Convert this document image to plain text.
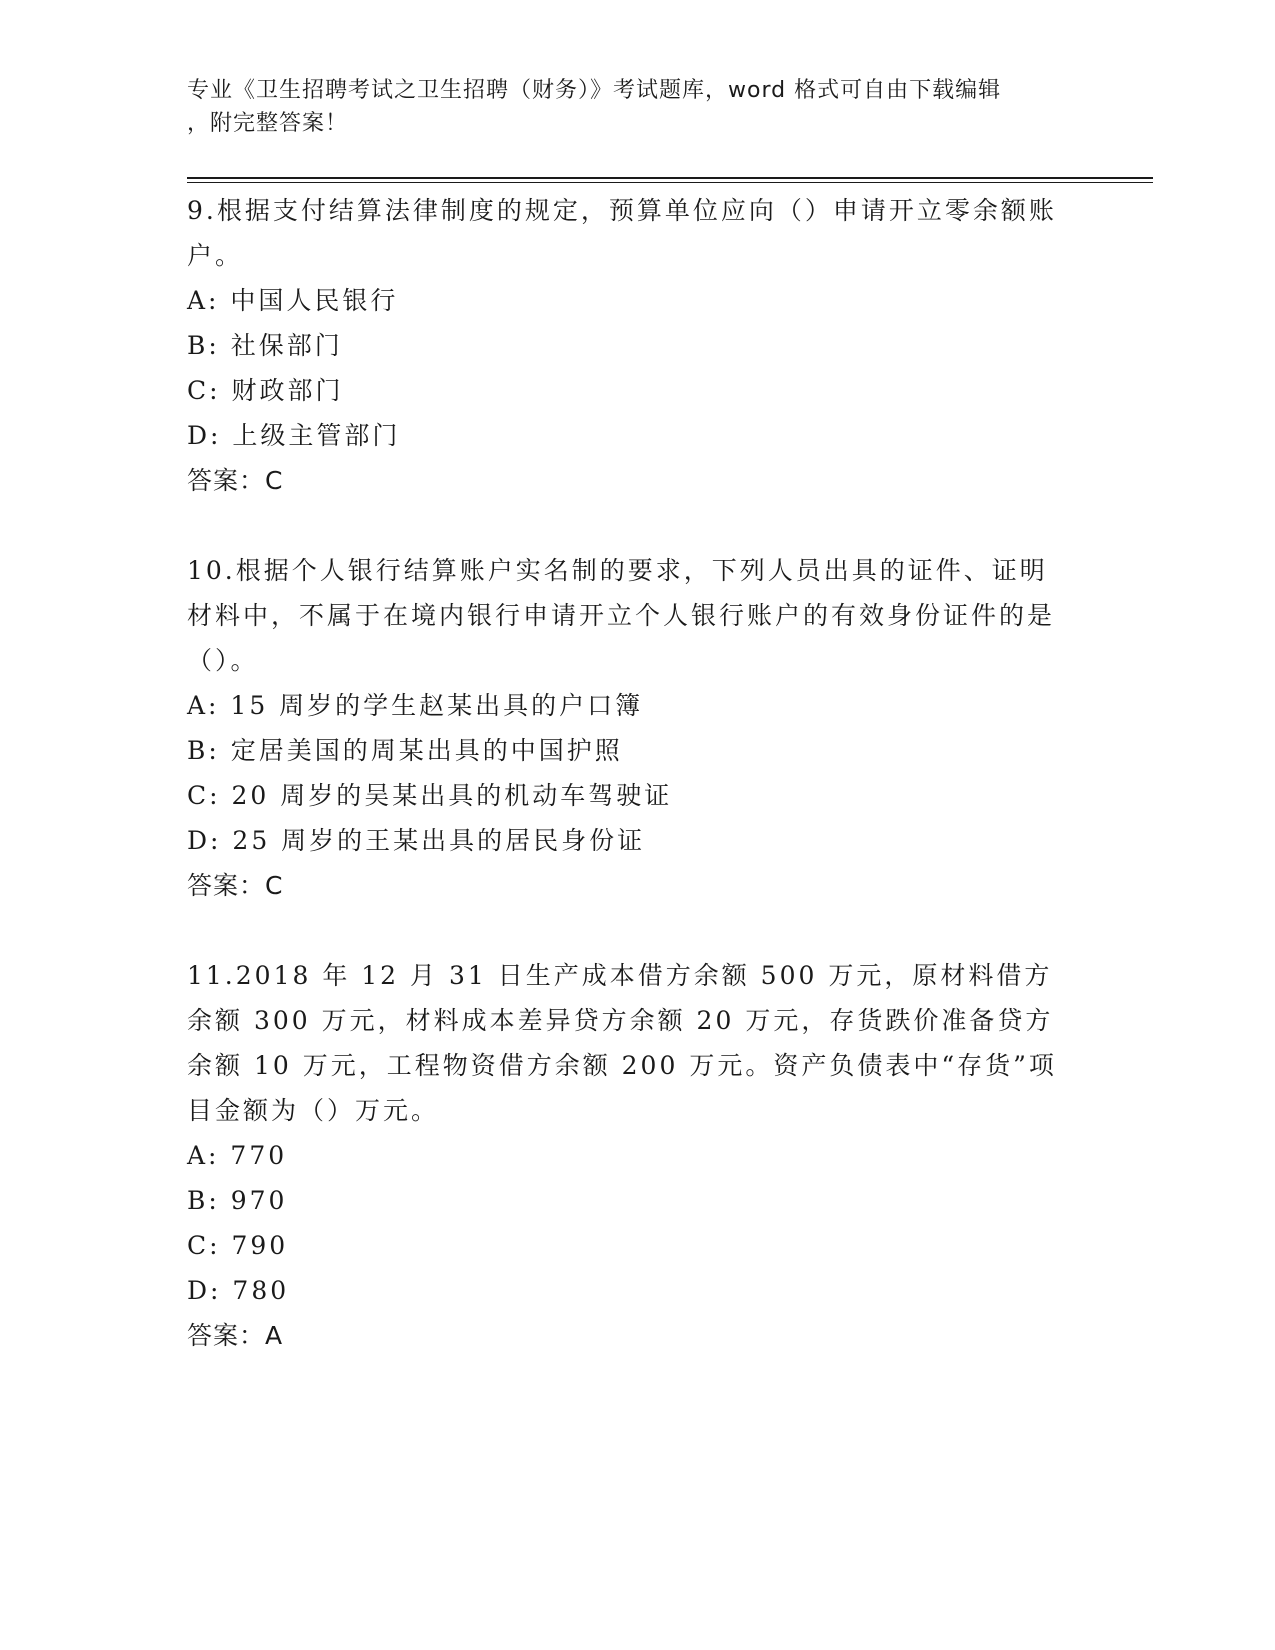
专业《卫生招聘考试之卫生招聘（财务）》考试题库，word 格式可自由下载编辑
，附完整答案！
9.根据支付结算法律制度的规定，预算单位应向（）申请开立零余额账户。
A: 中国人民银行
B: 社保部门
C: 财政部门
D: 上级主管部门
答案：C
10.根据个人银行结算账户实名制的要求，下列人员出具的证件、证明材料中，不属于在境内银行申请开立个人银行账户的有效身份证件的是（）。
A: 15 周岁的学生赵某出具的户口簿
B: 定居美国的周某出具的中国护照
C: 20 周岁的吴某出具的机动车驾驶证
D: 25 周岁的王某出具的居民身份证
答案：C
11.2018 年 12 月 31 日生产成本借方余额 500 万元，原材料借方余额 300 万元，材料成本差异贷方余额 20 万元，存货跌价准备贷方余额 10 万元，工程物资借方余额 200 万元。资产负债表中“存货”项目金额为（）万元。
A: 770
B: 970
C: 790
D: 780
答案：A
